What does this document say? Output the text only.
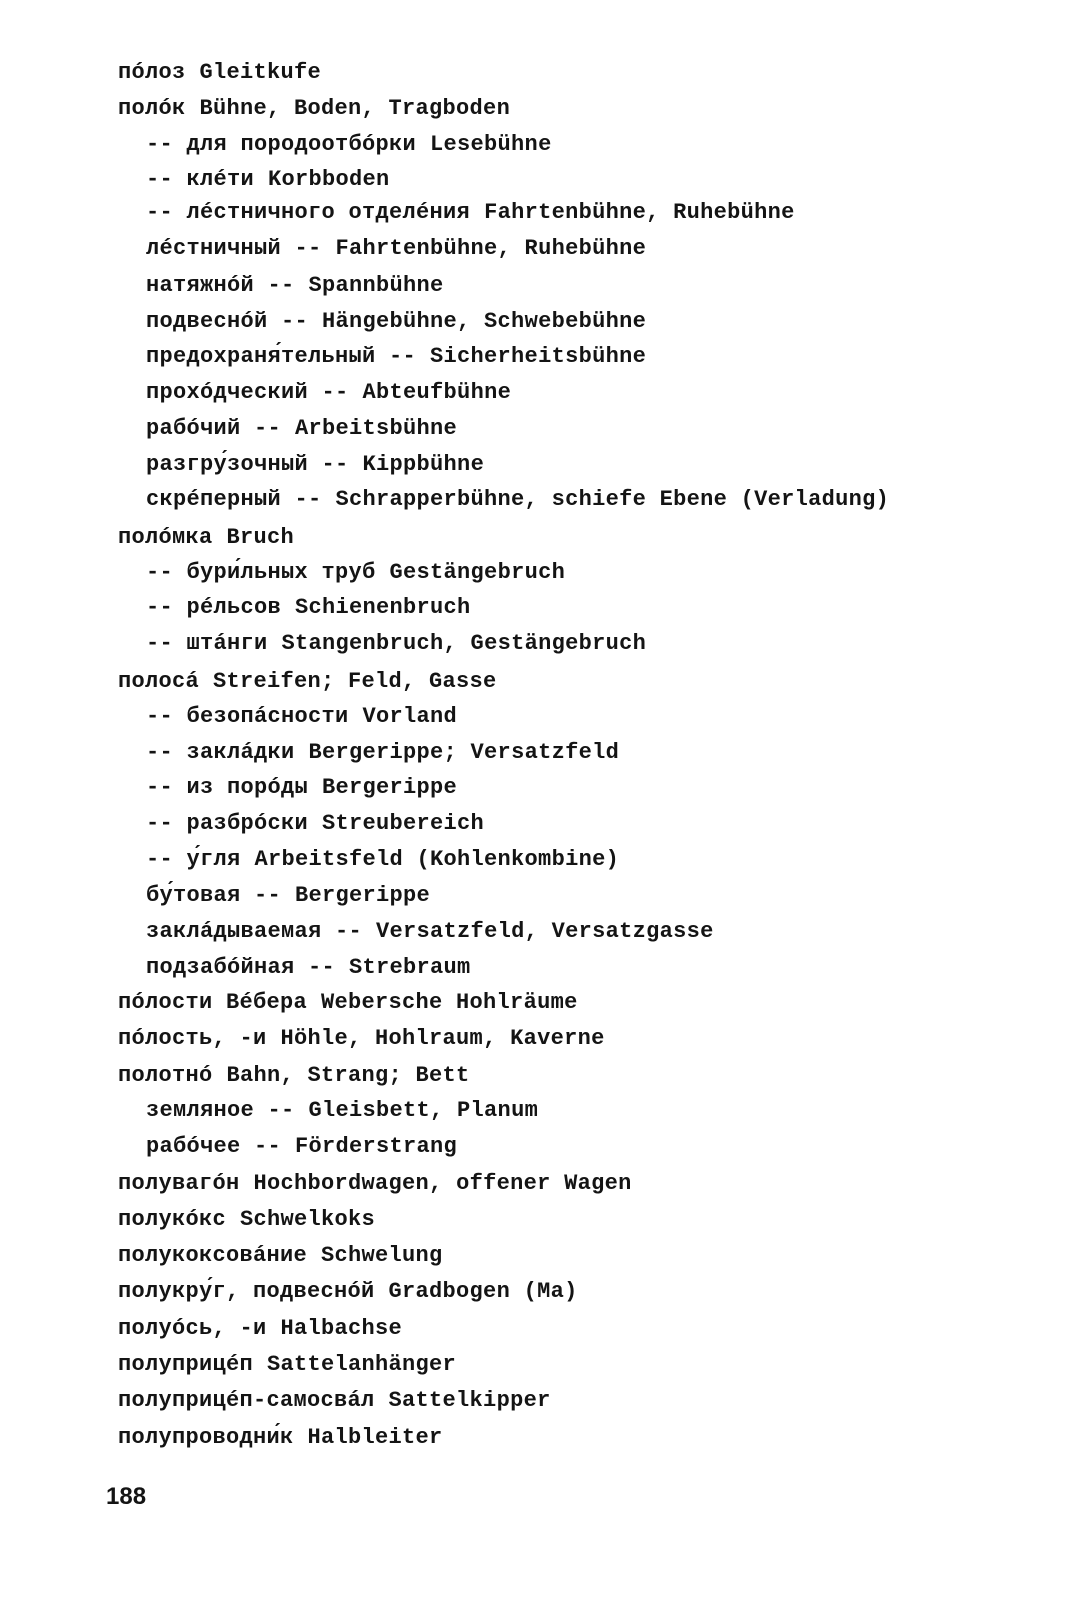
пóлоз Gleitkufe
полóк Bühne, Boden, Tragboden
-- для породоотбóрки Lesebühne
-- клéти Korbboden
-- лéстничного отделéния Fahrtenbühne, Ruhebühne
лéстничный -- Fahrtenbühne, Ruhebühne
натяжнóй -- Spannbühne
подвеснóй -- Hängebühne, Schwebebühne
предохраня́тельный -- Sicherheitsbühne
прохóдческий -- Abteufbühne
рабóчий -- Arbeitsbühne
разгру́зочный -- Kippbühne
скрéперный -- Schrapperbühne, schiefe Ebene (Verladung)
полóмка Bruch
-- бури́льных труб Gestängebruch
-- рéльсов Schienenbruch
-- штáнги Stangenbruch, Gestängebruch
полосá Streifen; Feld, Gasse
-- безопáсности Vorland
-- заклáдки Bergerippe; Versatzfeld
-- из порóды Bergerippe
-- разбрóски Streubereich
-- у́гля Arbeitsfeld (Kohlenkombine)
бу́товая -- Bergerippe
заклáдываемая -- Versatzfeld, Versatzgasse
подзабóйная -- Strebraum
пóлости Вéбера Webersche Hohlräume
пóлость, -и Höhle, Hohlraum, Kaverne
полотнó Bahn, Strang; Bett
земляное -- Gleisbett, Planum
рабóчее -- Förderstrang
полувагóн Hochbordwagen, offener Wagen
полукóкс Schwelkoks
полукоксовáние Schwelung
полукру́г, подвеснóй Gradbogen (Ma)
полуóсь, -и Halbachse
полуприцéп Sattelanhänger
полуприцéп-самосвáл Sattelkipper
полупроводни́к Halbleiter
188
